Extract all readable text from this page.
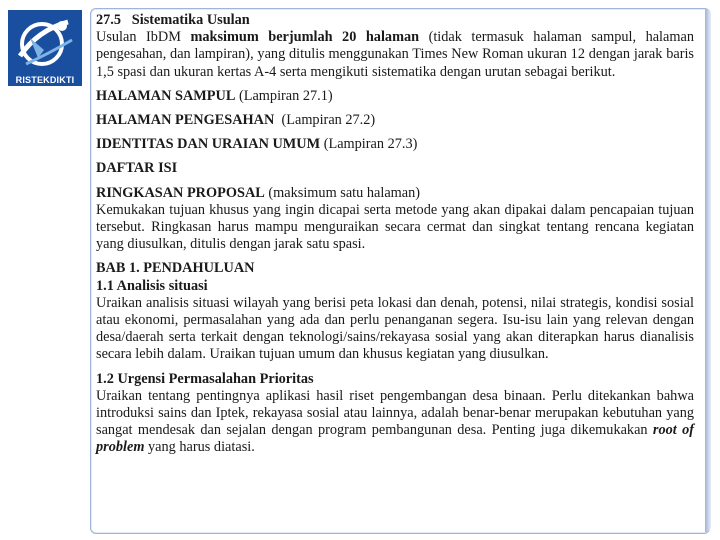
RISTEKDIKTI

27.5 Sistematika Usulan

Usulan IbDM maksimum berjumlah 20 halaman (tidak termasuk halaman sampul, halaman pengesahan, dan lampiran), yang ditulis menggunakan Times New Roman ukuran 12 dengan jarak baris 1,5 spasi dan ukuran kertas A-4 serta mengikuti sistematika dengan urutan sebagai berikut.

HALAMAN SAMPUL (Lampiran 27.1)

HALAMAN PENGESAHAN  (Lampiran 27.2)

IDENTITAS DAN URAIAN UMUM (Lampiran 27.3)

DAFTAR ISI

RINGKASAN PROPOSAL (maksimum satu halaman)

Kemukakan tujuan khusus yang ingin dicapai serta metode yang akan dipakai dalam pencapaian tujuan tersebut. Ringkasan harus mampu menguraikan secara cermat dan singkat tentang rencana kegiatan yang diusulkan, ditulis dengan jarak satu spasi.

BAB 1. PENDAHULUAN

1.1 Analisis situasi

Uraikan analisis situasi wilayah yang berisi peta lokasi dan denah, potensi, nilai strategis, kondisi sosial atau ekonomi, permasalahan yang ada dan perlu penanganan segera. Isu-isu lain yang relevan dengan desa/daerah serta terkait dengan teknologi/sains/rekayasa sosial yang akan diterapkan harus dianalisis secara lebih dalam. Uraikan tujuan umum dan khusus kegiatan yang diusulkan.

1.2 Urgensi Permasalahan Prioritas

Uraikan tentang pentingnya aplikasi hasil riset pengembangan desa binaan. Perlu ditekankan bahwa introduksi sains dan Iptek, rekayasa sosial atau lainnya, adalah benar-benar merupakan kebutuhan yang sangat mendesak dan sejalan dengan program pembangunan desa. Penting juga dikemukakan root of problem yang harus diatasi.
